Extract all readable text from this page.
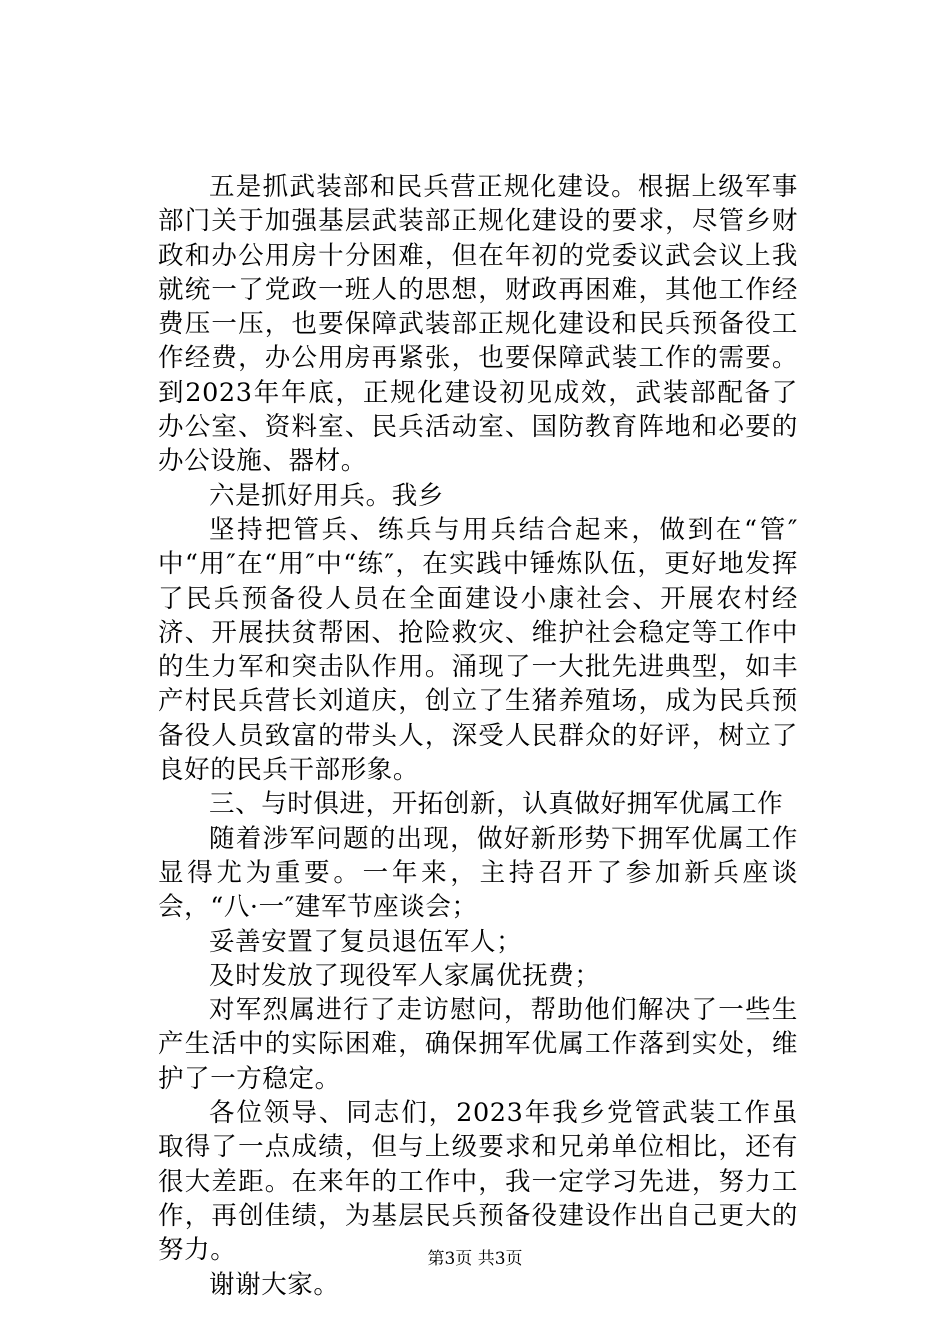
五是抓武装部和民兵营正规化建设。根据上级军事部门关于加强基层武装部正规化建设的要求，尽管乡财政和办公用房十分困难，但在年初的党委议武会议上我就统一了党政一班人的思想，财政再困难，其他工作经费压一压，也要保障武装部正规化建设和民兵预备役工作经费，办公用房再紧张，也要保障武装工作的需要。到2023年年底，正规化建设初见成效，武装部配备了办公室、资料室、民兵活动室、国防教育阵地和必要的办公设施、器材。

六是抓好用兵。我乡

坚持把管兵、练兵与用兵结合起来，做到在“管″中“用″在“用″中“练″，在实践中锤炼队伍，更好地发挥了民兵预备役人员在全面建设小康社会、开展农村经济、开展扶贫帮困、抢险救灾、维护社会稳定等工作中的生力军和突击队作用。涌现了一大批先进典型，如丰产村民兵营长刘道庆，创立了生猪养殖场，成为民兵预备役人员致富的带头人，深受人民群众的好评，树立了良好的民兵干部形象。

三、与时俱进，开拓创新，认真做好拥军优属工作

随着涉军问题的出现，做好新形势下拥军优属工作显得尤为重要。一年来，主持召开了参加新兵座谈会，“八·一″建军节座谈会；

妥善安置了复员退伍军人；

及时发放了现役军人家属优抚费；

对军烈属进行了走访慰问，帮助他们解决了一些生产生活中的实际困难，确保拥军优属工作落到实处，维护了一方稳定。

各位领导、同志们，2023年我乡党管武装工作虽取得了一点成绩，但与上级要求和兄弟单位相比，还有很大差距。在来年的工作中，我一定学习先进，努力工作，再创佳绩，为基层民兵预备役建设作出自己更大的努力。

谢谢大家。

第3页 共3页
